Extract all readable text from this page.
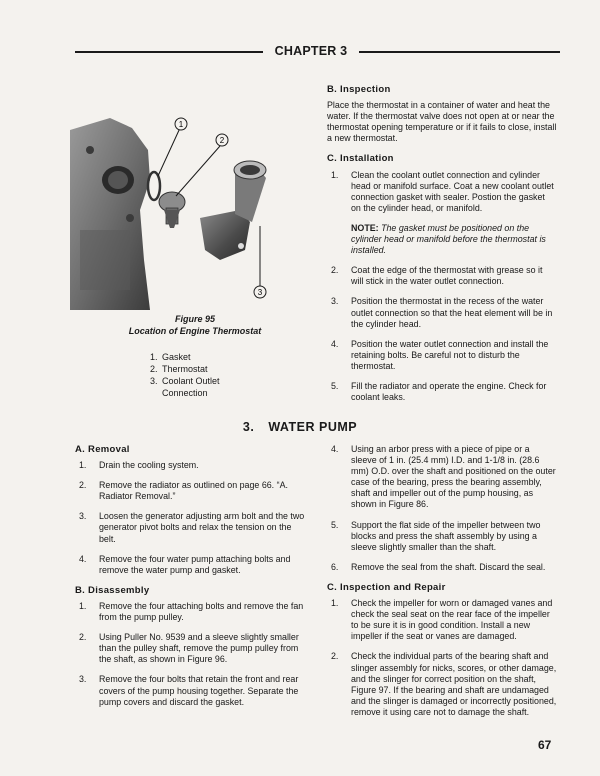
CHAPTER 3
1
2
3
Figure 95
Location of Engine Thermostat
1. Gasket
2. Thermostat
3. Coolant Outlet
Connection
B. Inspection
Place the thermostat in a container of water and heat the water. If the thermostat valve does not open at or near the thermostat opening temperature or if it fails to close, install a new thermostat.
C. Installation
1.	Clean the coolant outlet connection and cylinder head or manifold surface. Coat a new coolant outlet connection gasket with sealer. Postion the gasket on the cylinder head, or manifold.
NOTE: The gasket must be positioned on the cylinder head or manifold before the thermostat is installed.
2.	Coat the edge of the thermostat with grease so it will stick in the water outlet connection.
3.	Position the thermostat in the recess of the water outlet connection so that the heat element will be in the cylinder head.
4.	Position the water outlet connection and install the retaining bolts. Be careful not to disturb the thermostat.
5.	Fill the radiator and operate the engine. Check for coolant leaks.
3. WATER PUMP
A. Removal
1.	Drain the cooling system.
2.	Remove the radiator as outlined on page 66. “A. Radiator Removal.”
3.	Loosen the generator adjusting arm bolt and the two generator pivot bolts and relax the tension on the belt.
4.	Remove the four water pump attaching bolts and remove the water pump and gasket.
B. Disassembly
1.	Remove the four attaching bolts and remove the fan from the pump pulley.
2.	Using Puller No. 9539 and a sleeve slightly smaller than the pulley shaft, remove the pump pulley from the shaft, as shown in Figure 96.
3.	Remove the four bolts that retain the front and rear covers of the pump housing together. Separate the pump covers and discard the gasket.
4.	Using an arbor press with a piece of pipe or a sleeve of 1 in. (25.4 mm) I.D. and 1-1/8 in. (28.6 mm) O.D. over the shaft and positioned on the outer case of the bearing, press the bearing assembly, shaft and impeller out of the pump housing, as shown in Figure 86.
5.	Support the flat side of the impeller between two blocks and press the shaft assembly by using a sleeve slightly smaller than the shaft.
6.	Remove the seal from the shaft. Discard the seal.
C. Inspection and Repair
1.	Check the impeller for worn or damaged vanes and check the seal seat on the rear face of the impeller to be sure it is in good condition. Install a new impeller if the seat or vanes are damaged.
2.	Check the individual parts of the bearing shaft and slinger assembly for nicks, scores, or other damage, and the slinger for correct position on the shaft, Figure 97. If the bearing and shaft are undamaged and the slinger is damaged or incorrectly positioned, remove it using care not to damage the shaft.
67
